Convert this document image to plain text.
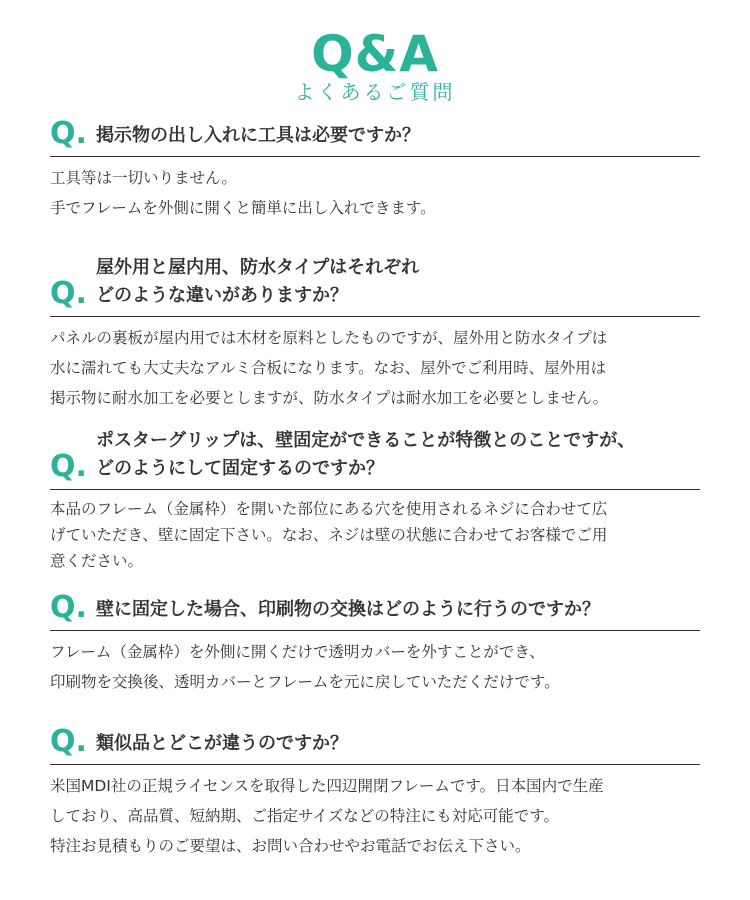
Q&A
よくあるご質問
Q. 掲示物の出し入れに工具は必要ですか？
工具等は一切いりません。
手でフレームを外側に開くと簡単に出し入れできます。
Q.
屋外用と屋内用、防水タイプはそれぞれ
どのような違いがありますか？
パネルの裏板が屋内用では木材を原料としたものですが、屋外用と防水タイプは
水に濡れても大丈夫なアルミ合板になります。なお、屋外でご利用時、屋外用は
掲示物に耐水加工を必要としますが、防水タイプは耐水加工を必要としません。
Q.
ポスターグリップは、壁固定ができることが特徴とのことですが、
どのようにして固定するのですか？
本品のフレーム（金属枠）を開いた部位にある穴を使用されるネジに合わせて広
げていただき、壁に固定下さい。なお、ネジは壁の状態に合わせてお客様でご用
意ください。
Q. 壁に固定した場合、印刷物の交換はどのように行うのですか？
フレーム（金属枠）を外側に開くだけで透明カバーを外すことができ、
印刷物を交換後、透明カバーとフレームを元に戻していただくだけです。
Q. 類似品とどこが違うのですか？
米国MDI社の正規ライセンスを取得した四辺開閉フレームです。日本国内で生産
しており、高品質、短納期、ご指定サイズなどの特注にも対応可能です。
特注お見積もりのご要望は、お問い合わせやお電話でお伝え下さい。
